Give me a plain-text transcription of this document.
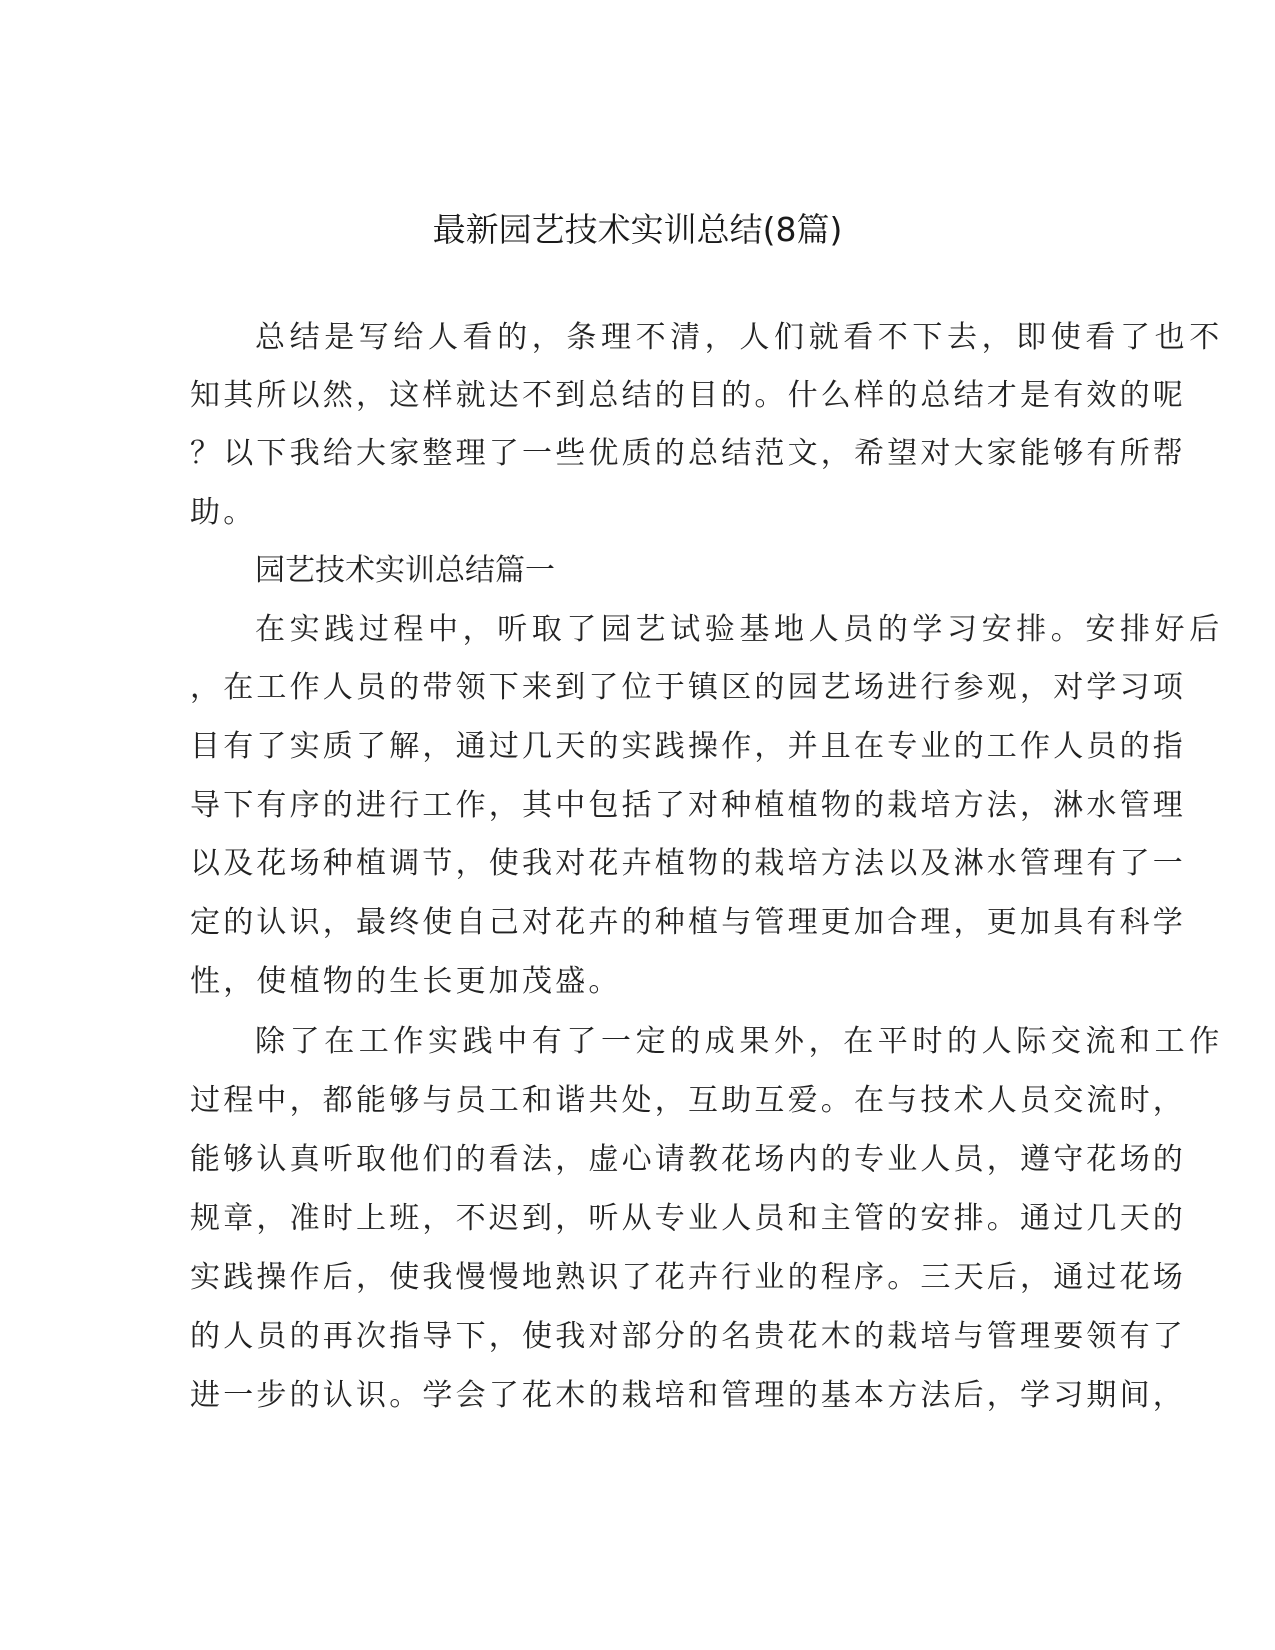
最新园艺技术实训总结(8篇)
总结是写给人看的，条理不清，人们就看不下去，即使看了也不
知其所以然，这样就达不到总结的目的。什么样的总结才是有效的呢
？以下我给大家整理了一些优质的总结范文，希望对大家能够有所帮
助。
园艺技术实训总结篇一
在实践过程中，听取了园艺试验基地人员的学习安排。安排好后
，在工作人员的带领下来到了位于镇区的园艺场进行参观，对学习项
目有了实质了解，通过几天的实践操作，并且在专业的工作人员的指
导下有序的进行工作，其中包括了对种植植物的栽培方法，淋水管理
以及花场种植调节，使我对花卉植物的栽培方法以及淋水管理有了一
定的认识，最终使自己对花卉的种植与管理更加合理，更加具有科学
性，使植物的生长更加茂盛。
除了在工作实践中有了一定的成果外，在平时的人际交流和工作
过程中，都能够与员工和谐共处，互助互爱。在与技术人员交流时，
能够认真听取他们的看法，虚心请教花场内的专业人员，遵守花场的
规章，准时上班，不迟到，听从专业人员和主管的安排。通过几天的
实践操作后，使我慢慢地熟识了花卉行业的程序。三天后，通过花场
的人员的再次指导下，使我对部分的名贵花木的栽培与管理要领有了
进一步的认识。学会了花木的栽培和管理的基本方法后，学习期间，
